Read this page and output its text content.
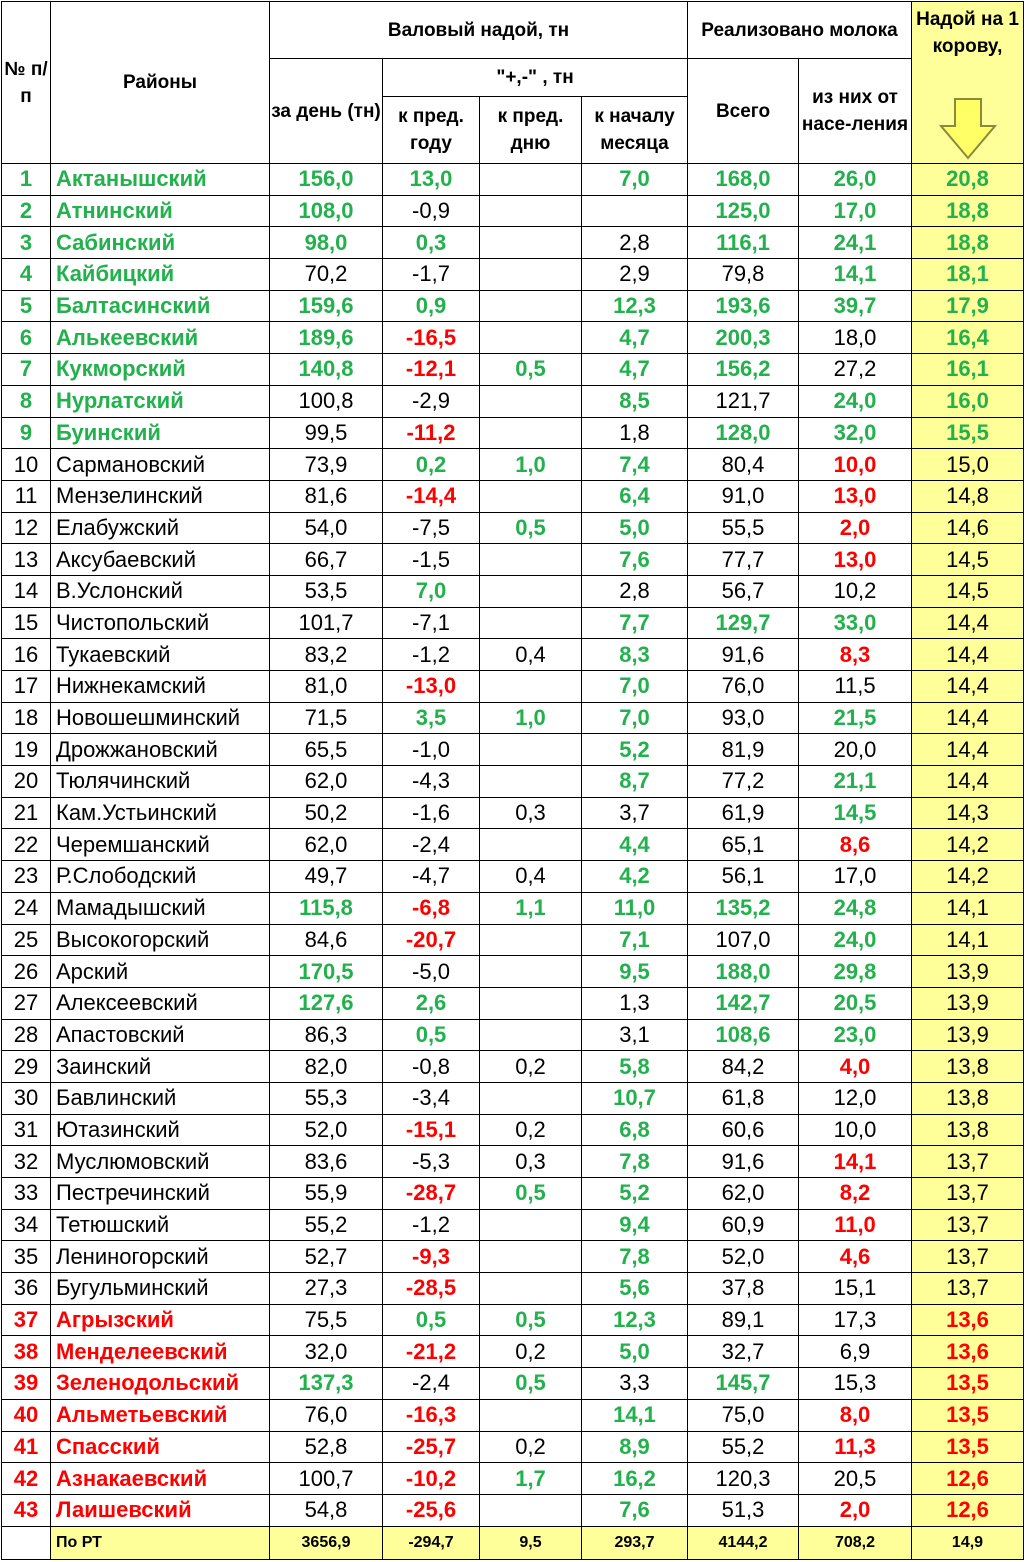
№ п/п	Районы	Валовый надой, тн				Реализовано молока		Надой на 1 корову,

		за день (тн)	"+,-" , тн			Всего	из них от насе-ления	
			к пред. году	к пред. дню	к началу месяца			
1	Актанышский	156,0	13,0		7,0	168,0	26,0	20,8
2	Атнинский	108,0	-0,9			125,0	17,0	18,8
3	Сабинский	98,0	0,3		2,8	116,1	24,1	18,8
4	Кайбицкий	70,2	-1,7		2,9	79,8	14,1	18,1
5	Балтасинский	159,6	0,9		12,3	193,6	39,7	17,9
6	Алькеевский	189,6	-16,5		4,7	200,3	18,0	16,4
7	Кукморский	140,8	-12,1	0,5	4,7	156,2	27,2	16,1
8	Нурлатский	100,8	-2,9		8,5	121,7	24,0	16,0
9	Буинский	99,5	-11,2		1,8	128,0	32,0	15,5
10	Сармановский	73,9	0,2	1,0	7,4	80,4	10,0	15,0
11	Мензелинский	81,6	-14,4		6,4	91,0	13,0	14,8
12	Елабужский	54,0	-7,5	0,5	5,0	55,5	2,0	14,6
13	Аксубаевский	66,7	-1,5		7,6	77,7	13,0	14,5
14	В.Услонский	53,5	7,0		2,8	56,7	10,2	14,5
15	Чистопольский	101,7	-7,1		7,7	129,7	33,0	14,4
16	Тукаевский	83,2	-1,2	0,4	8,3	91,6	8,3	14,4
17	Нижнекамский	81,0	-13,0		7,0	76,0	11,5	14,4
18	Новошешминский	71,5	3,5	1,0	7,0	93,0	21,5	14,4
19	Дрожжановский	65,5	-1,0		5,2	81,9	20,0	14,4
20	Тюлячинский	62,0	-4,3		8,7	77,2	21,1	14,4
21	Кам.Устьинский	50,2	-1,6	0,3	3,7	61,9	14,5	14,3
22	Черемшанский	62,0	-2,4		4,4	65,1	8,6	14,2
23	Р.Слободский	49,7	-4,7	0,4	4,2	56,1	17,0	14,2
24	Мамадышский	115,8	-6,8	1,1	11,0	135,2	24,8	14,1
25	Высокогорский	84,6	-20,7		7,1	107,0	24,0	14,1
26	Арский	170,5	-5,0		9,5	188,0	29,8	13,9
27	Алексеевский	127,6	2,6		1,3	142,7	20,5	13,9
28	Апастовский	86,3	0,5		3,1	108,6	23,0	13,9
29	Заинский	82,0	-0,8	0,2	5,8	84,2	4,0	13,8
30	Бавлинский	55,3	-3,4		10,7	61,8	12,0	13,8
31	Ютазинский	52,0	-15,1	0,2	6,8	60,6	10,0	13,8
32	Муслюмовский	83,6	-5,3	0,3	7,8	91,6	14,1	13,7
33	Пестречинский	55,9	-28,7	0,5	5,2	62,0	8,2	13,7
34	Тетюшский	55,2	-1,2		9,4	60,9	11,0	13,7
35	Лениногорский	52,7	-9,3		7,8	52,0	4,6	13,7
36	Бугульминский	27,3	-28,5		5,6	37,8	15,1	13,7
37	Агрызский	75,5	0,5	0,5	12,3	89,1	17,3	13,6
38	Менделеевский	32,0	-21,2	0,2	5,0	32,7	6,9	13,6
39	Зеленодольский	137,3	-2,4	0,5	3,3	145,7	15,3	13,5
40	Альметьевский	76,0	-16,3		14,1	75,0	8,0	13,5
41	Спасский	52,8	-25,7	0,2	8,9	55,2	11,3	13,5
42	Азнакаевский	100,7	-10,2	1,7	16,2	120,3	20,5	12,6
43	Лаишевский	54,8	-25,6		7,6	51,3	2,0	12,6
	По РТ	3656,9	-294,7	9,5	293,7	4144,2	708,2	14,9
